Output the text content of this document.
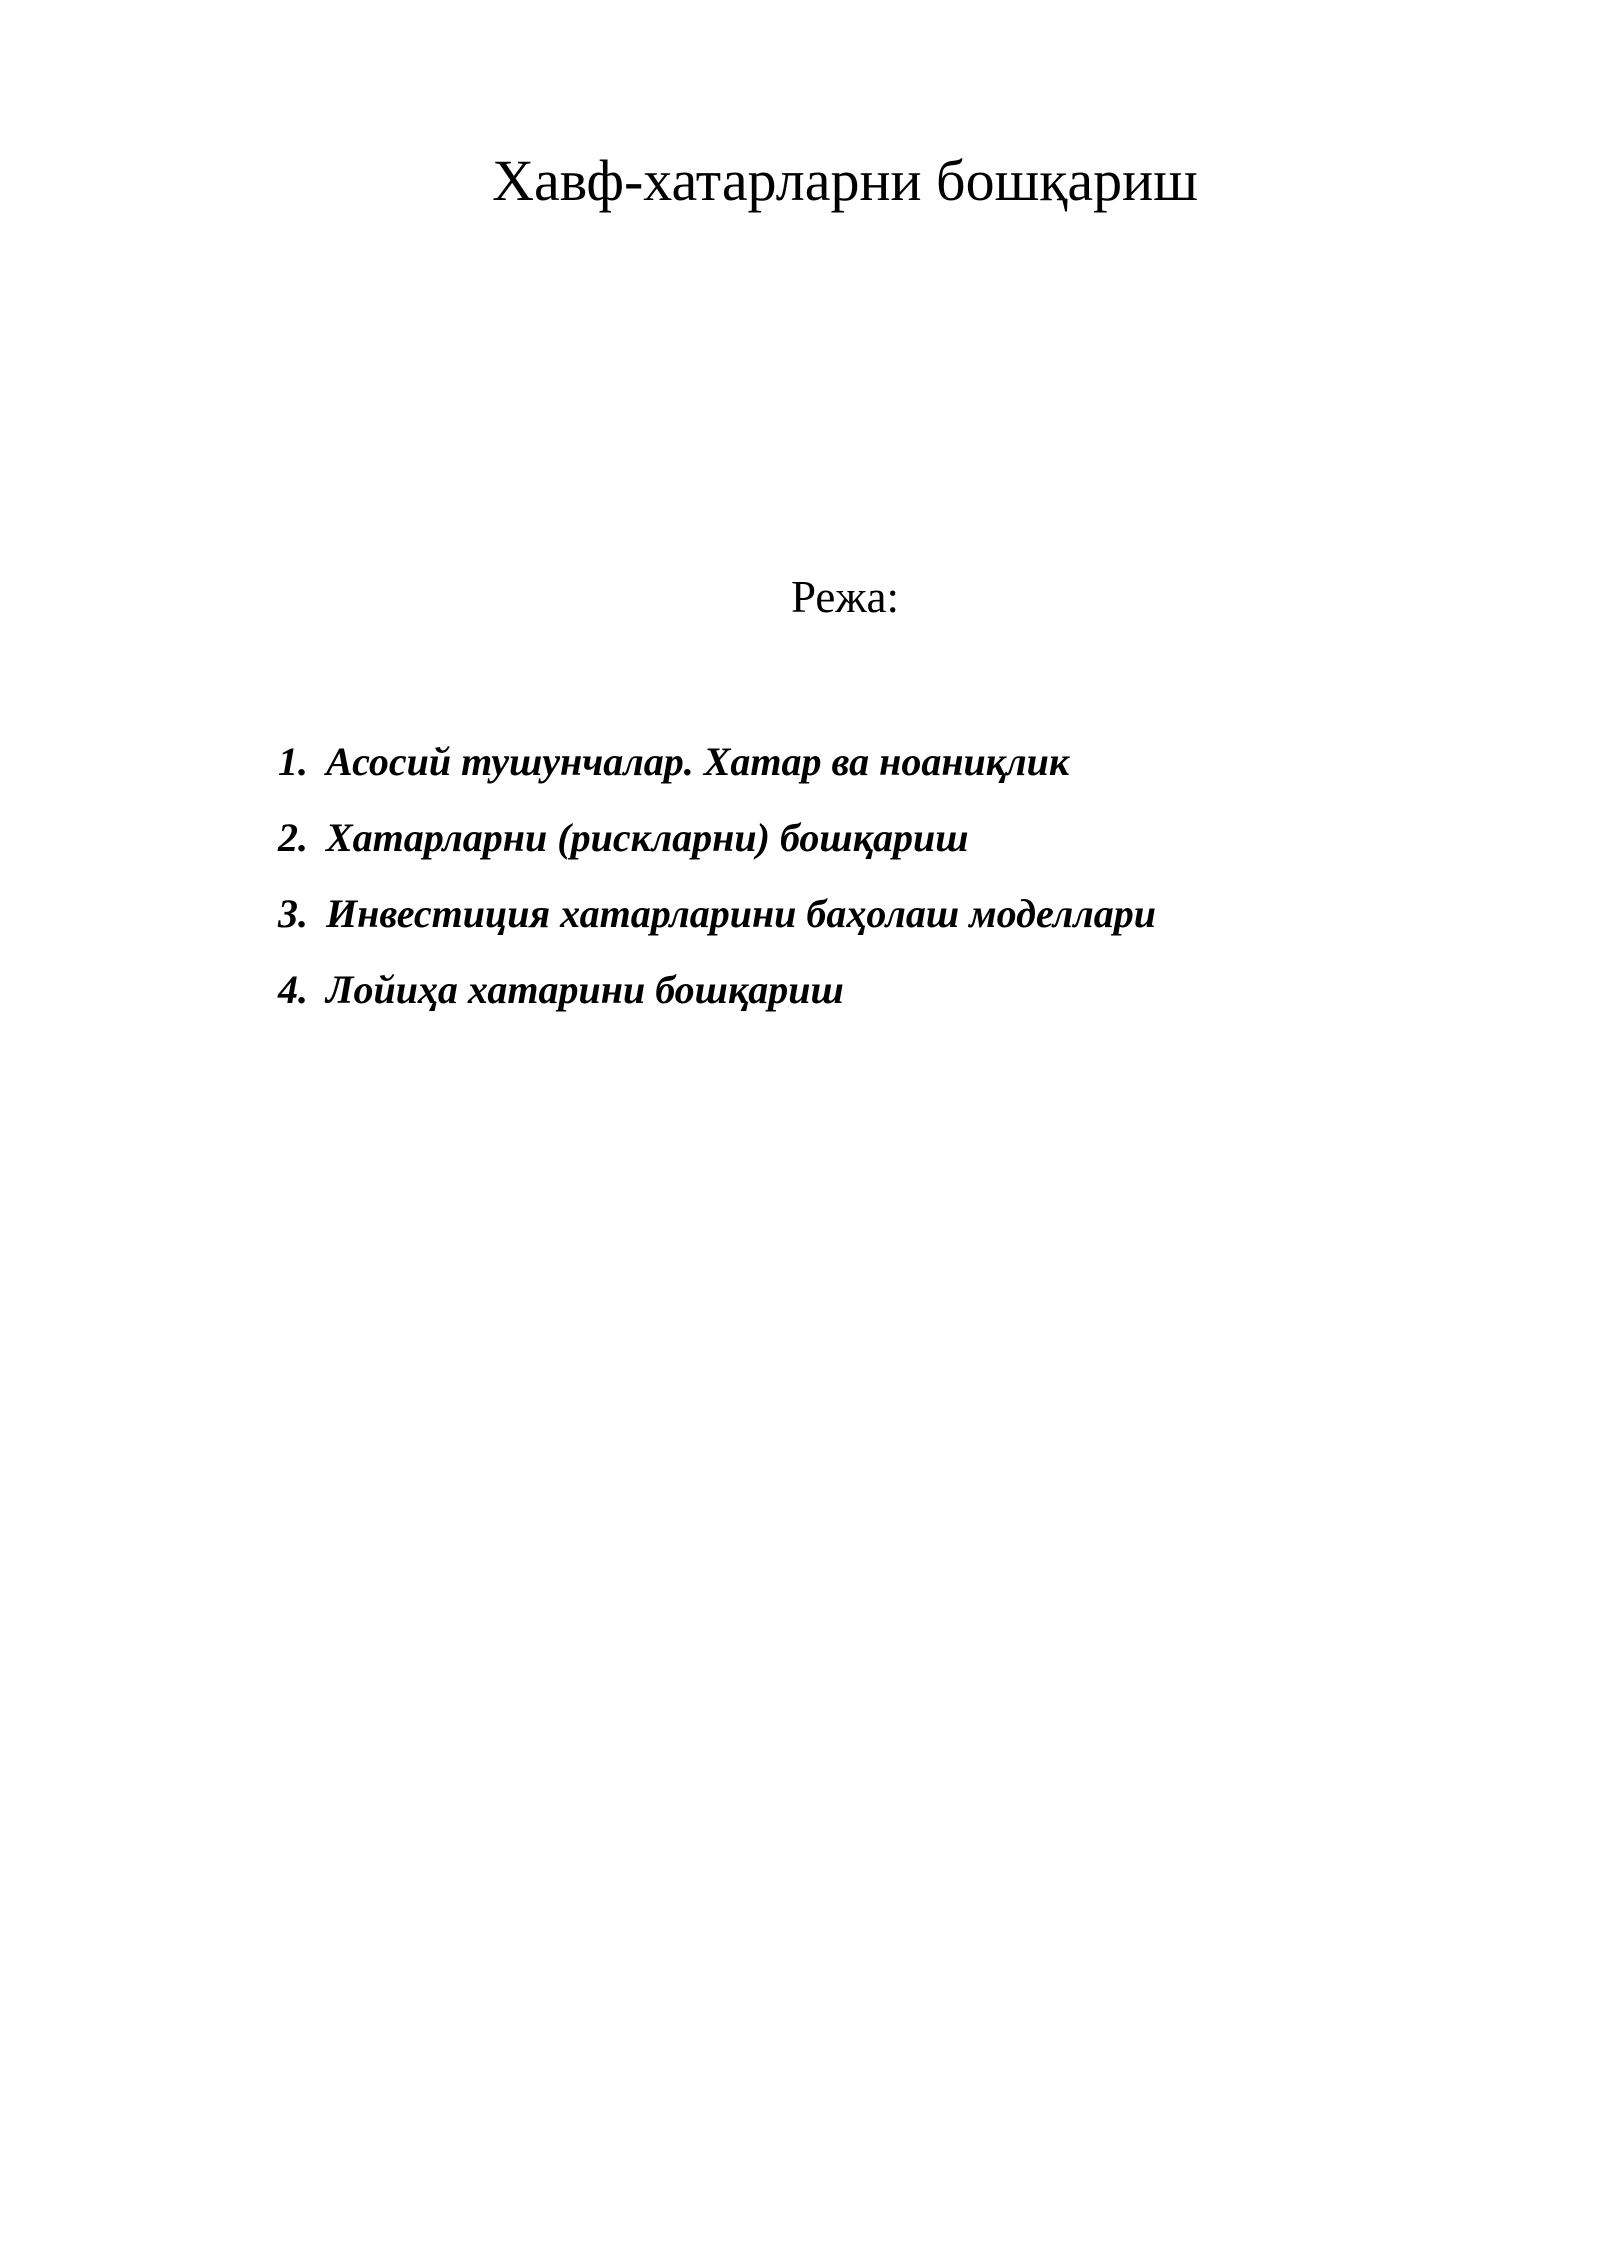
Хавф-хатарларни бошқариш

Режа:

1. Асосий тушунчалар. Хатар ва ноаниқлик
2. Хатарларни (рискларни) бошқариш
3. Инвестиция хатарларини баҳолаш моделлари
4. Лойиҳа хатарини бошқариш
